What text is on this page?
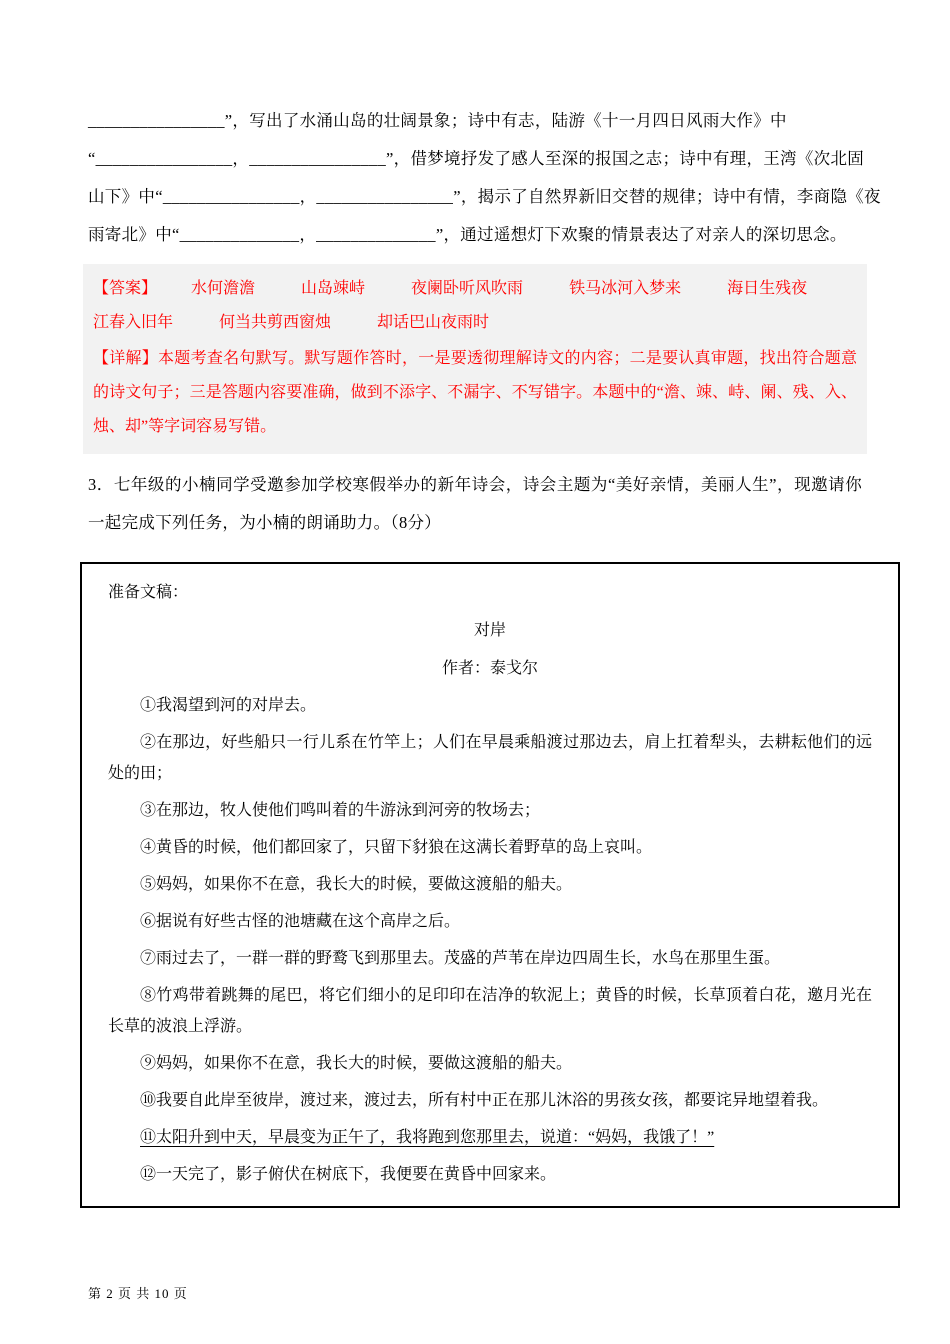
________________”，写出了水涌山岛的壮阔景象；诗中有志，陆游《十一月四日风雨大作》中
“________________，________________”，借梦境抒发了感人至深的报国之志；诗中有理，王湾《次北固
山下》中“________________，________________”，揭示了自然界新旧交替的规律；诗中有情，李商隐《夜
雨寄北》中“______________，______________”，通过遥想灯下欢聚的情景表达了对亲人的深切思念。
【答案】 水何澹澹	山岛竦峙	夜阑卧听风吹雨	铁马冰河入梦来	海日生残夜江春入旧年	何当共剪西窗烛	却话巴山夜雨时
【详解】本题考查名句默写。默写题作答时，一是要透彻理解诗文的内容；二是要认真审题，找出符合题意的诗文句子；三是答题内容要准确，做到不添字、不漏字、不写错字。本题中的“澹、竦、峙、阑、残、入、烛、却”等字词容易写错。
3．七年级的小楠同学受邀参加学校寒假举办的新年诗会，诗会主题为“美好亲情，美丽人生”，现邀请你一起完成下列任务，为小楠的朗诵助力。（8分）
准备文稿：
对岸
作者：泰戈尔
①我渴望到河的对岸去。
②在那边，好些船只一行儿系在竹竿上；人们在早晨乘船渡过那边去，肩上扛着犁头，去耕耘他们的远处的田；
③在那边，牧人使他们鸣叫着的牛游泳到河旁的牧场去；
④黄昏的时候，他们都回家了，只留下豺狼在这满长着野草的岛上哀叫。
⑤妈妈，如果你不在意，我长大的时候，要做这渡船的船夫。
⑥据说有好些古怪的池塘藏在这个高岸之后。
⑦雨过去了，一群一群的野鹜飞到那里去。茂盛的芦苇在岸边四周生长，水鸟在那里生蛋。
⑧竹鸡带着跳舞的尾巴，将它们细小的足印印在洁净的软泥上；黄昏的时候，长草顶着白花，邀月光在长草的波浪上浮游。
⑨妈妈，如果你不在意，我长大的时候，要做这渡船的船夫。
⑩我要自此岸至彼岸，渡过来，渡过去，所有村中正在那儿沐浴的男孩女孩，都要诧异地望着我。
⑪太阳升到中天，早晨变为正午了，我将跑到您那里去，说道：“妈妈，我饿了！”
⑫一天完了，影子俯伏在树底下，我便要在黄昏中回家来。
第 2 页 共 10 页
